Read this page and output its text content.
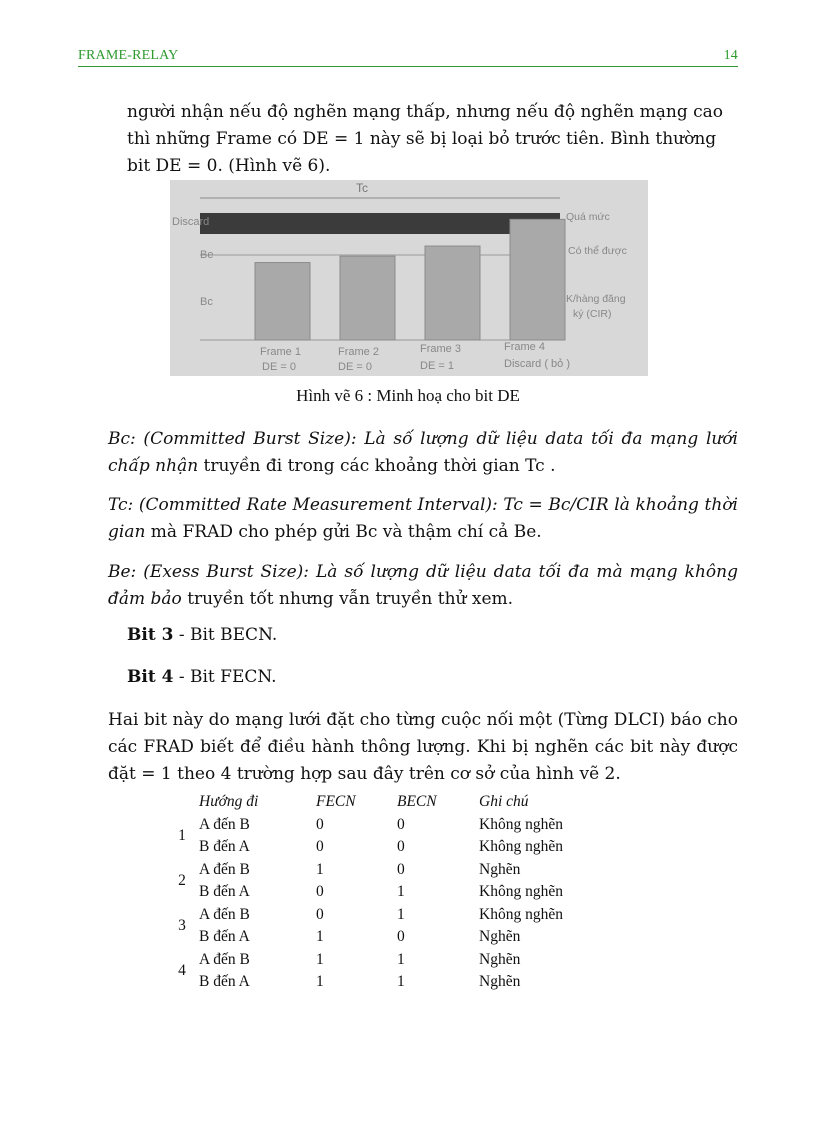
FRAME-RELAY	14

người nhận nếu độ nghẽn mạng thấp, nhưng nếu độ nghẽn mạng cao
thì những Frame có DE = 1 này sẽ bị loại bỏ trước tiên. Bình thường
bit DE = 0. (Hình vẽ 6).

Tc
Discard
Be
Bc
Quá mức
Có thể được
K/hàng đăng
ký (CIR)
Frame 1
DE = 0
Frame 2
DE = 0
Frame 3
DE = 1
Frame 4
Discard ( bỏ )
Hình vẽ 6 : Minh hoạ cho bit DE

Bc: (Committed Burst Size): Là số lượng dữ liệu data tối đa mạng lưới chấp nhận truyền đi trong các khoảng thời gian Tc .

Tc: (Committed Rate Measurement Interval): Tc = Bc/CIR là khoảng thời gian mà FRAD cho phép gửi Bc và thậm chí cả Be.

Be: (Exess Burst Size): Là số lượng dữ liệu data tối đa mà mạng không đảm bảo truyền tốt nhưng vẫn truyền thử xem.

Bit 3 - Bit BECN.
Bit 4 - Bit FECN.

Hai bit này do mạng lưới đặt cho từng cuộc nối một (Từng DLCI) báo cho các FRAD biết để điều hành thông lượng. Khi bị nghẽn các bit này được đặt = 1 theo 4 trường hợp sau đây trên cơ sở của hình vẽ 2.

	Hướng đi	FECN	BECN	Ghi chú
1	A đến B	0	0	Không nghẽn
	B đến A	0	0	Không nghẽn
2	A đến B	1	0	Nghẽn
	B đến A	0	1	Không nghẽn
3	A đến B	0	1	Không nghẽn
	B đến A	1	0	Nghẽn
4	A đến B	1	1	Nghẽn
	B đến A	1	1	Nghẽn
